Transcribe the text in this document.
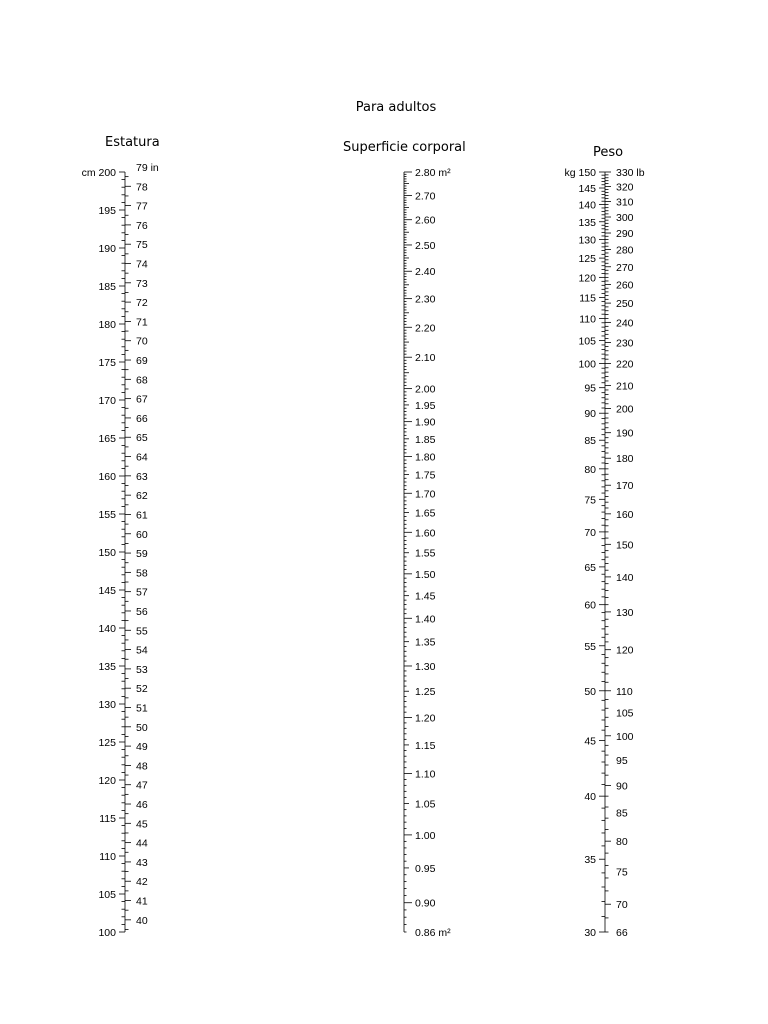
Para adultos
Estatura	Superficie corporal	Peso
cm 200
195
190
185
180
175
170
165
160
155
150
145
140
135
130
125
120
115
110
105
100
79 in
78
77
76
75
74
73
72
71
70
69
68
67
66
65
64
63
62
61
60
59
58
57
56
55
54
53
52
51
50
49
48
47
46
45
44
43
42
41
40
2.80 m²
2.70
2.60
2.50
2.40
2.30
2.20
2.10
2.00
1.95
1.90
1.85
1.80
1.75
1.70
1.65
1.60
1.55
1.50
1.45
1.40
1.35
1.30
1.25
1.20
1.15
1.10
1.05
1.00
0.95
0.90
0.86 m²
kg 150
145
140
135
130
125
120
115
110
105
100
95
90
85
80
75
70
65
60
55
50
45
40
35
30
330 lb
320
310
300
290
280
270
260
250
240
230
220
210
200
190
180
170
160
150
140
130
120
110
105
100
95
90
85
80
75
70
66
